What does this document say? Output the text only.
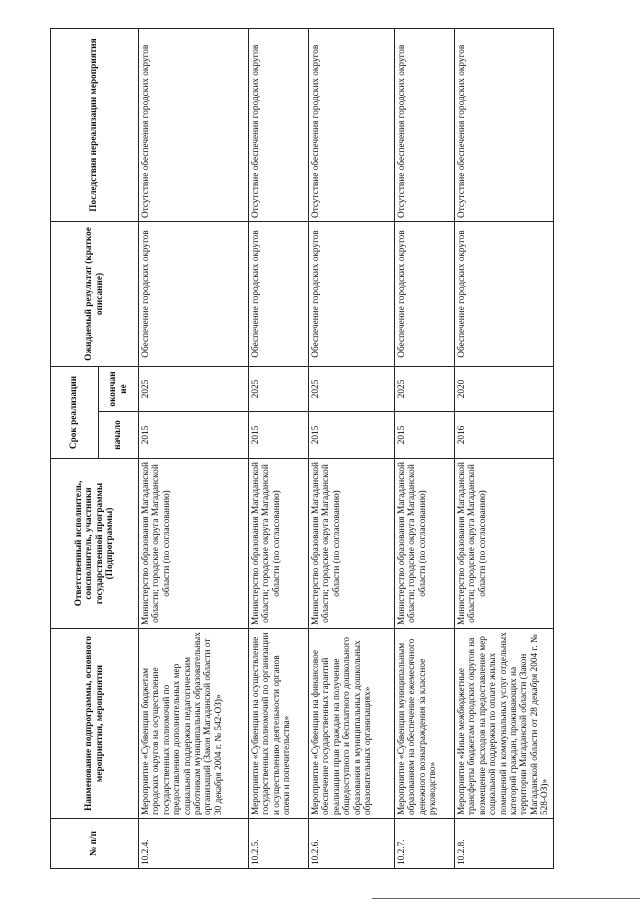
№ п/п	Наименование подпрограммы, основного мероприятия, мероприятия	Ответственный исполнитель, соисполнитель, участники государственной программы (Подпрограммы)	Срок реализации		Ожидаемый результат (краткое описание)	Последствия нереализации мероприятия
			начало	окончание		
10.2.4.	Мероприятие «Субвенции бюджетам городских округов на осуществление государственных полномочий по предоставлению дополнительных мер социальной поддержки педагогическим работникам муниципальных образовательных организаций (Закон Магаданской области от 30 декабря 2004 г. № 542-ОЗ)»	Министерство образования Магаданской области; городские округа Магаданской области (по согласованию)	2015	2025	Обеспечение городских округов	Отсутствие обеспечения городских округов
10.2.5.	Мероприятие «Субвенции на осуществление государственных полномочий по организации и осуществлению деятельности органов опеки и попечительства»	Министерство образования Магаданской области; городские округа Магаданской области (по согласованию)	2015	2025	Обеспечение городских округов	Отсутствие обеспечения городских округов
10.2.6.	Мероприятие «Субвенции на финансовое обеспечение государственных гарантий реализации прав граждан на получение общедоступного и бесплатного дошкольного образования в муниципальных дошкольных образовательных организациях»	Министерство образования Магаданской области; городские округа Магаданской области (по согласованию)	2015	2025	Обеспечение городских округов	Отсутствие обеспечения городских округов
10.2.7.	Мероприятие «Субвенции муниципальным образованиям на обеспечение ежемесячного денежного вознаграждения за классное руководство»	Министерство образования Магаданской области; городские округа Магаданской области (по согласованию)	2015	2025	Обеспечение городских округов	Отсутствие обеспечения городских округов
10.2.8.	Мероприятие «Иные межбюджетные трансферты бюджетам городских округов на возмещение расходов на предоставление мер социальной поддержки по оплате жилых помещений и коммунальных услуг отдельных категорий граждан, проживающих на территории Магаданской области (Закон Магаданской области от 28 декабря 2004 г. № 528-ОЗ)»	Министерство образования Магаданской области; городские округа Магаданской области (по согласованию)	2016	2020	Обеспечение городских округов	Отсутствие обеспечения городских округов
